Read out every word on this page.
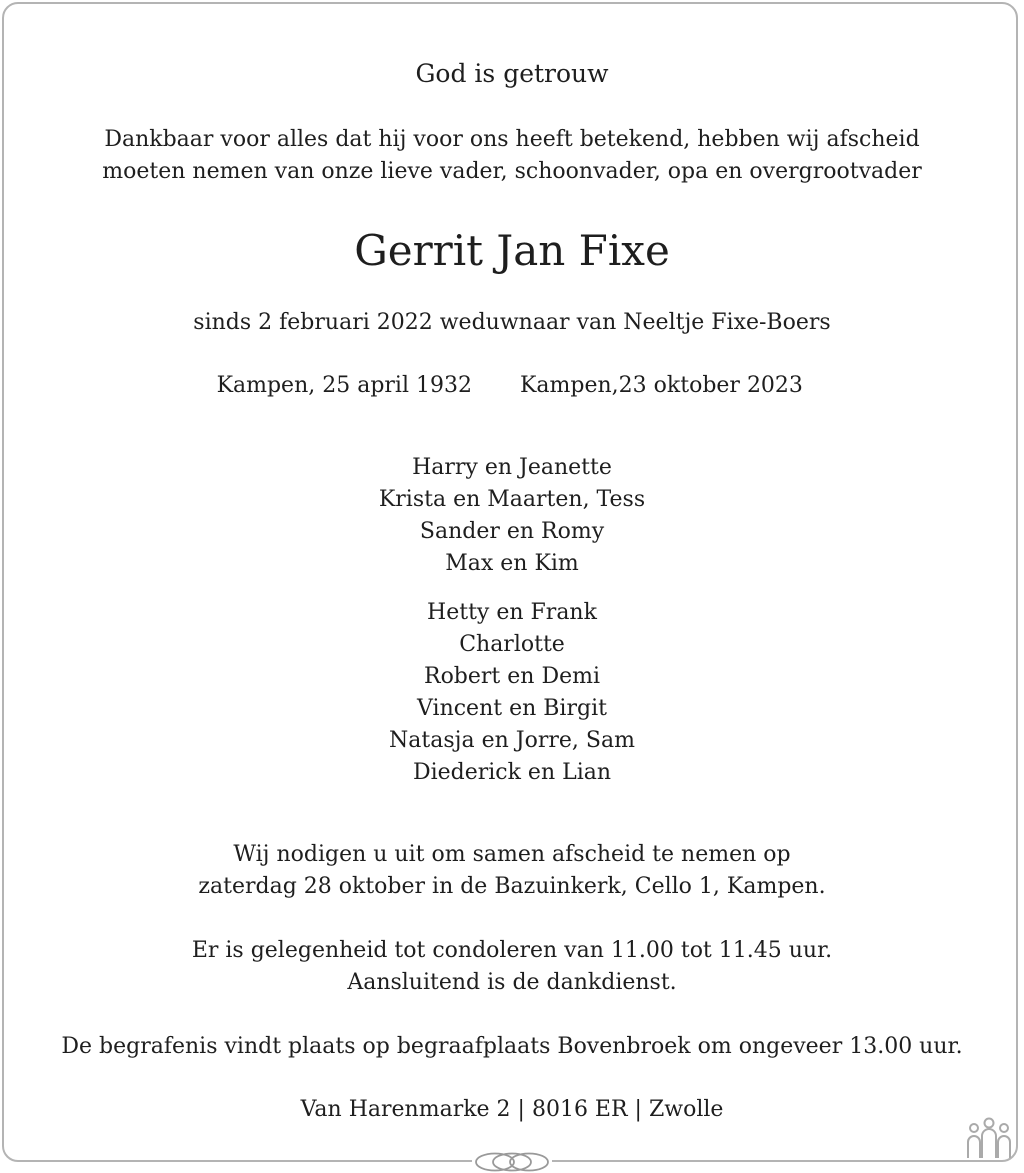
God is getrouw
Dankbaar voor alles dat hij voor ons heeft betekend, hebben wij afscheid
moeten nemen van onze lieve vader, schoonvader, opa en overgrootvader
Gerrit Jan Fixe
sinds 2 februari 2022 weduwnaar van Neeltje Fixe-Boers
Kampen, 25 april 1932 Kampen,23 oktober 2023
Harry en Jeanette
Krista en Maarten, Tess
Sander en Romy
Max en Kim
Hetty en Frank
Charlotte
Robert en Demi
Vincent en Birgit
Natasja en Jorre, Sam
Diederick en Lian
Wij nodigen u uit om samen afscheid te nemen op
zaterdag 28 oktober in de Bazuinkerk, Cello 1, Kampen.
Er is gelegenheid tot condoleren van 11.00 tot 11.45 uur.
Aansluitend is de dankdienst.
De begrafenis vindt plaats op begraafplaats Bovenbroek om ongeveer 13.00 uur.
Van Harenmarke 2 | 8016 ER | Zwolle
